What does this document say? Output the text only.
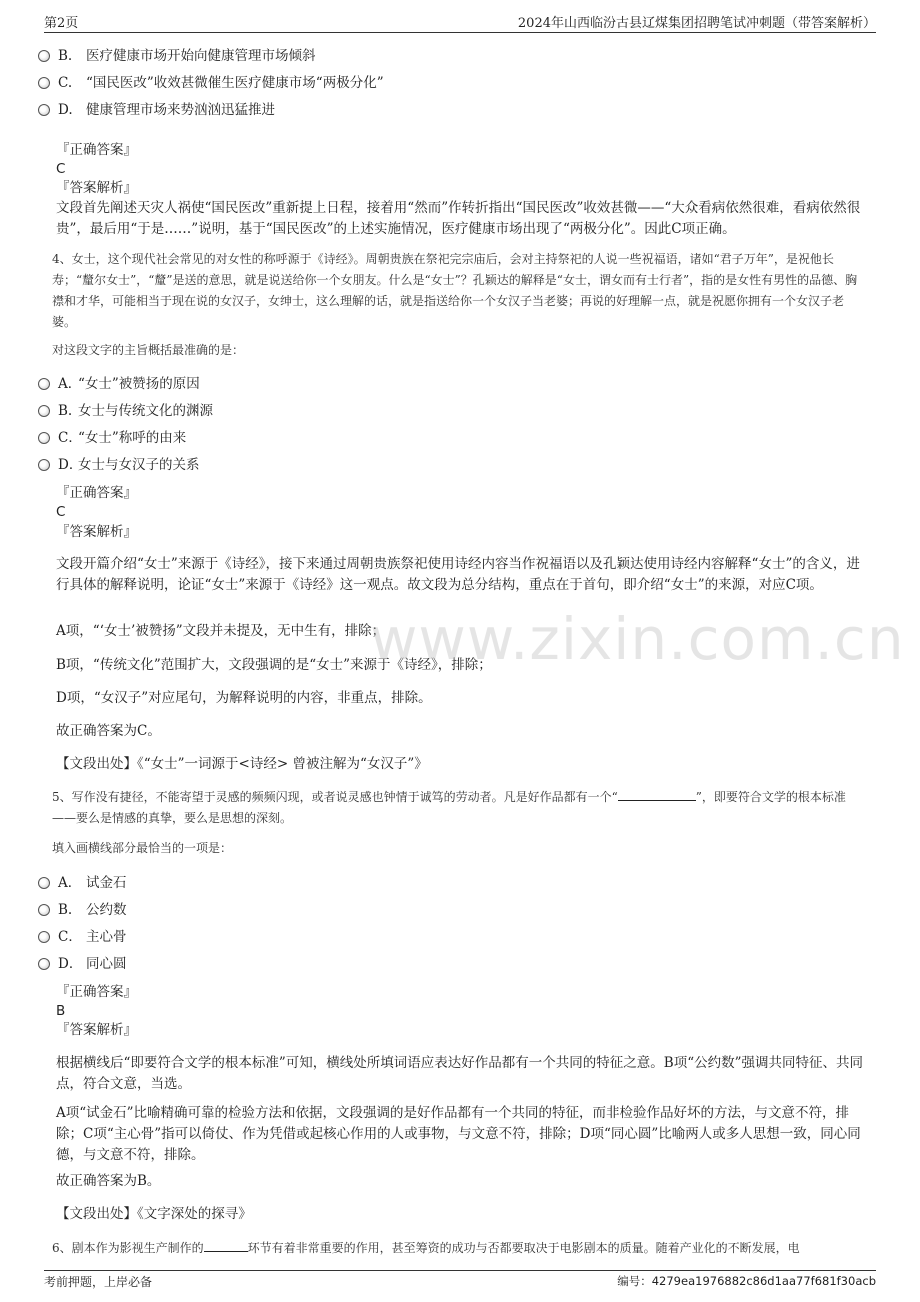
第2页	2024年山西临汾古县辽煤集团招聘笔试冲刺题（带答案解析）
B. 医疗健康市场开始向健康管理市场倾斜
C. “国民医改”收效甚微催生医疗健康市场“两极分化”
D. 健康管理市场来势汹汹迅猛推进
『正确答案』
C
『答案解析』
文段首先阐述天灾人祸使“国民医改”重新提上日程，接着用“然而”作转折指出“国民医改”收效甚微——“大众看病依然很难，看病依然很贵”，最后用“于是……”说明，基于“国民医改”的上述实施情况，医疗健康市场出现了“两极分化”。因此C项正确。
4、女士，这个现代社会常见的对女性的称呼源于《诗经》。周朝贵族在祭祀完宗庙后，会对主持祭祀的人说一些祝福语，诸如“君子万年”，是祝他长寿；“釐尔女士”，“釐”是送的意思，就是说送给你一个女朋友。什么是“女士”？孔颖达的解释是“女士，谓女而有士行者”，指的是女性有男性的品德、胸襟和才华，可能相当于现在说的女汉子，女绅士，这么理解的话，就是指送给你一个女汉子当老婆；再说的好理解一点，就是祝愿你拥有一个女汉子老婆。
对这段文字的主旨概括最准确的是：
A．
“女士”被赞扬的原因
B. 女士与传统文化的渊源
C．
“女士”称呼的由来
D．
女士与女汉子的关系
『正确答案』
C
『答案解析』
文段开篇介绍“女士”来源于《诗经》，接下来通过周朝贵族祭祀使用诗经内容当作祝福语以及孔颖达使用诗经内容解释“女士”的含义，进行具体的解释说明，论证“女士”来源于《诗经》这一观点。故文段为总分结构，重点在于首句，即介绍“女士”的来源，对应C项。
A项，“‘女士’被赞扬”文段并未提及，无中生有，排除；
B项，“传统文化”范围扩大，文段强调的是“女士”来源于《诗经》，排除；
D项，“女汉子”对应尾句，为解释说明的内容，非重点，排除。
故正确答案为C。
【文段出处】《“女士”一词源于<诗经> 曾被注解为“女汉子”》
5、写作没有捷径，不能寄望于灵感的频频闪现，或者说灵感也钟情于诚笃的劳动者。凡是好作品都有一个“	”，即要符合文学的根本标准——要么是情感的真挚，要么是思想的深刻。
填入画横线部分最恰当的一项是：
A． 试金石
B. 公约数
C． 主心骨
D． 同心圆
『正确答案』
B
『答案解析』
根据横线后“即要符合文学的根本标准”可知，横线处所填词语应表达好作品都有一个共同的特征之意。B项“公约数”强调共同特征、共同点，符合文意，当选。
A项“试金石”比喻精确可靠的检验方法和依据，文段强调的是好作品都有一个共同的特征，而非检验作品好坏的方法，与文意不符，排除；C项“主心骨”指可以倚仗、作为凭借或起核心作用的人或事物，与文意不符，排除；D项“同心圆”比喻两人或多人思想一致，同心同德，与文意不符，排除。
故正确答案为B。
【文段出处】《文字深处的探寻》
6、剧本作为影视生产制作的	环节有着非常重要的作用，甚至筹资的成功与否都要取决于电影剧本的质量。随着产业化的不断发展，电
www.zixin.com.cn
考前押题，上岸必备	编号：4279ea1976882c86d1aa77f681f30acb
